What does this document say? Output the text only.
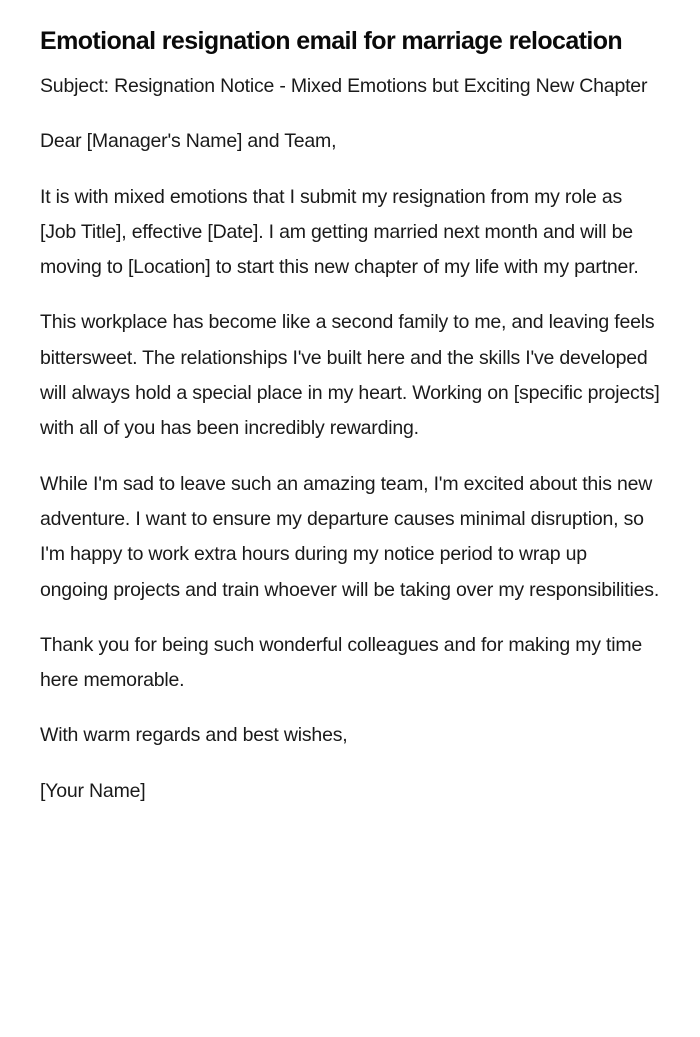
Emotional resignation email for marriage relocation

Subject: Resignation Notice - Mixed Emotions but Exciting New Chapter

Dear [Manager's Name] and Team,

It is with mixed emotions that I submit my resignation from my role as [Job Title], effective [Date]. I am getting married next month and will be moving to [Location] to start this new chapter of my life with my partner.

This workplace has become like a second family to me, and leaving feels bittersweet. The relationships I've built here and the skills I've developed will always hold a special place in my heart. Working on [specific projects] with all of you has been incredibly rewarding.

While I'm sad to leave such an amazing team, I'm excited about this new adventure. I want to ensure my departure causes minimal disruption, so I'm happy to work extra hours during my notice period to wrap up ongoing projects and train whoever will be taking over my responsibilities.

Thank you for being such wonderful colleagues and for making my time here memorable.

With warm regards and best wishes,

[Your Name]
